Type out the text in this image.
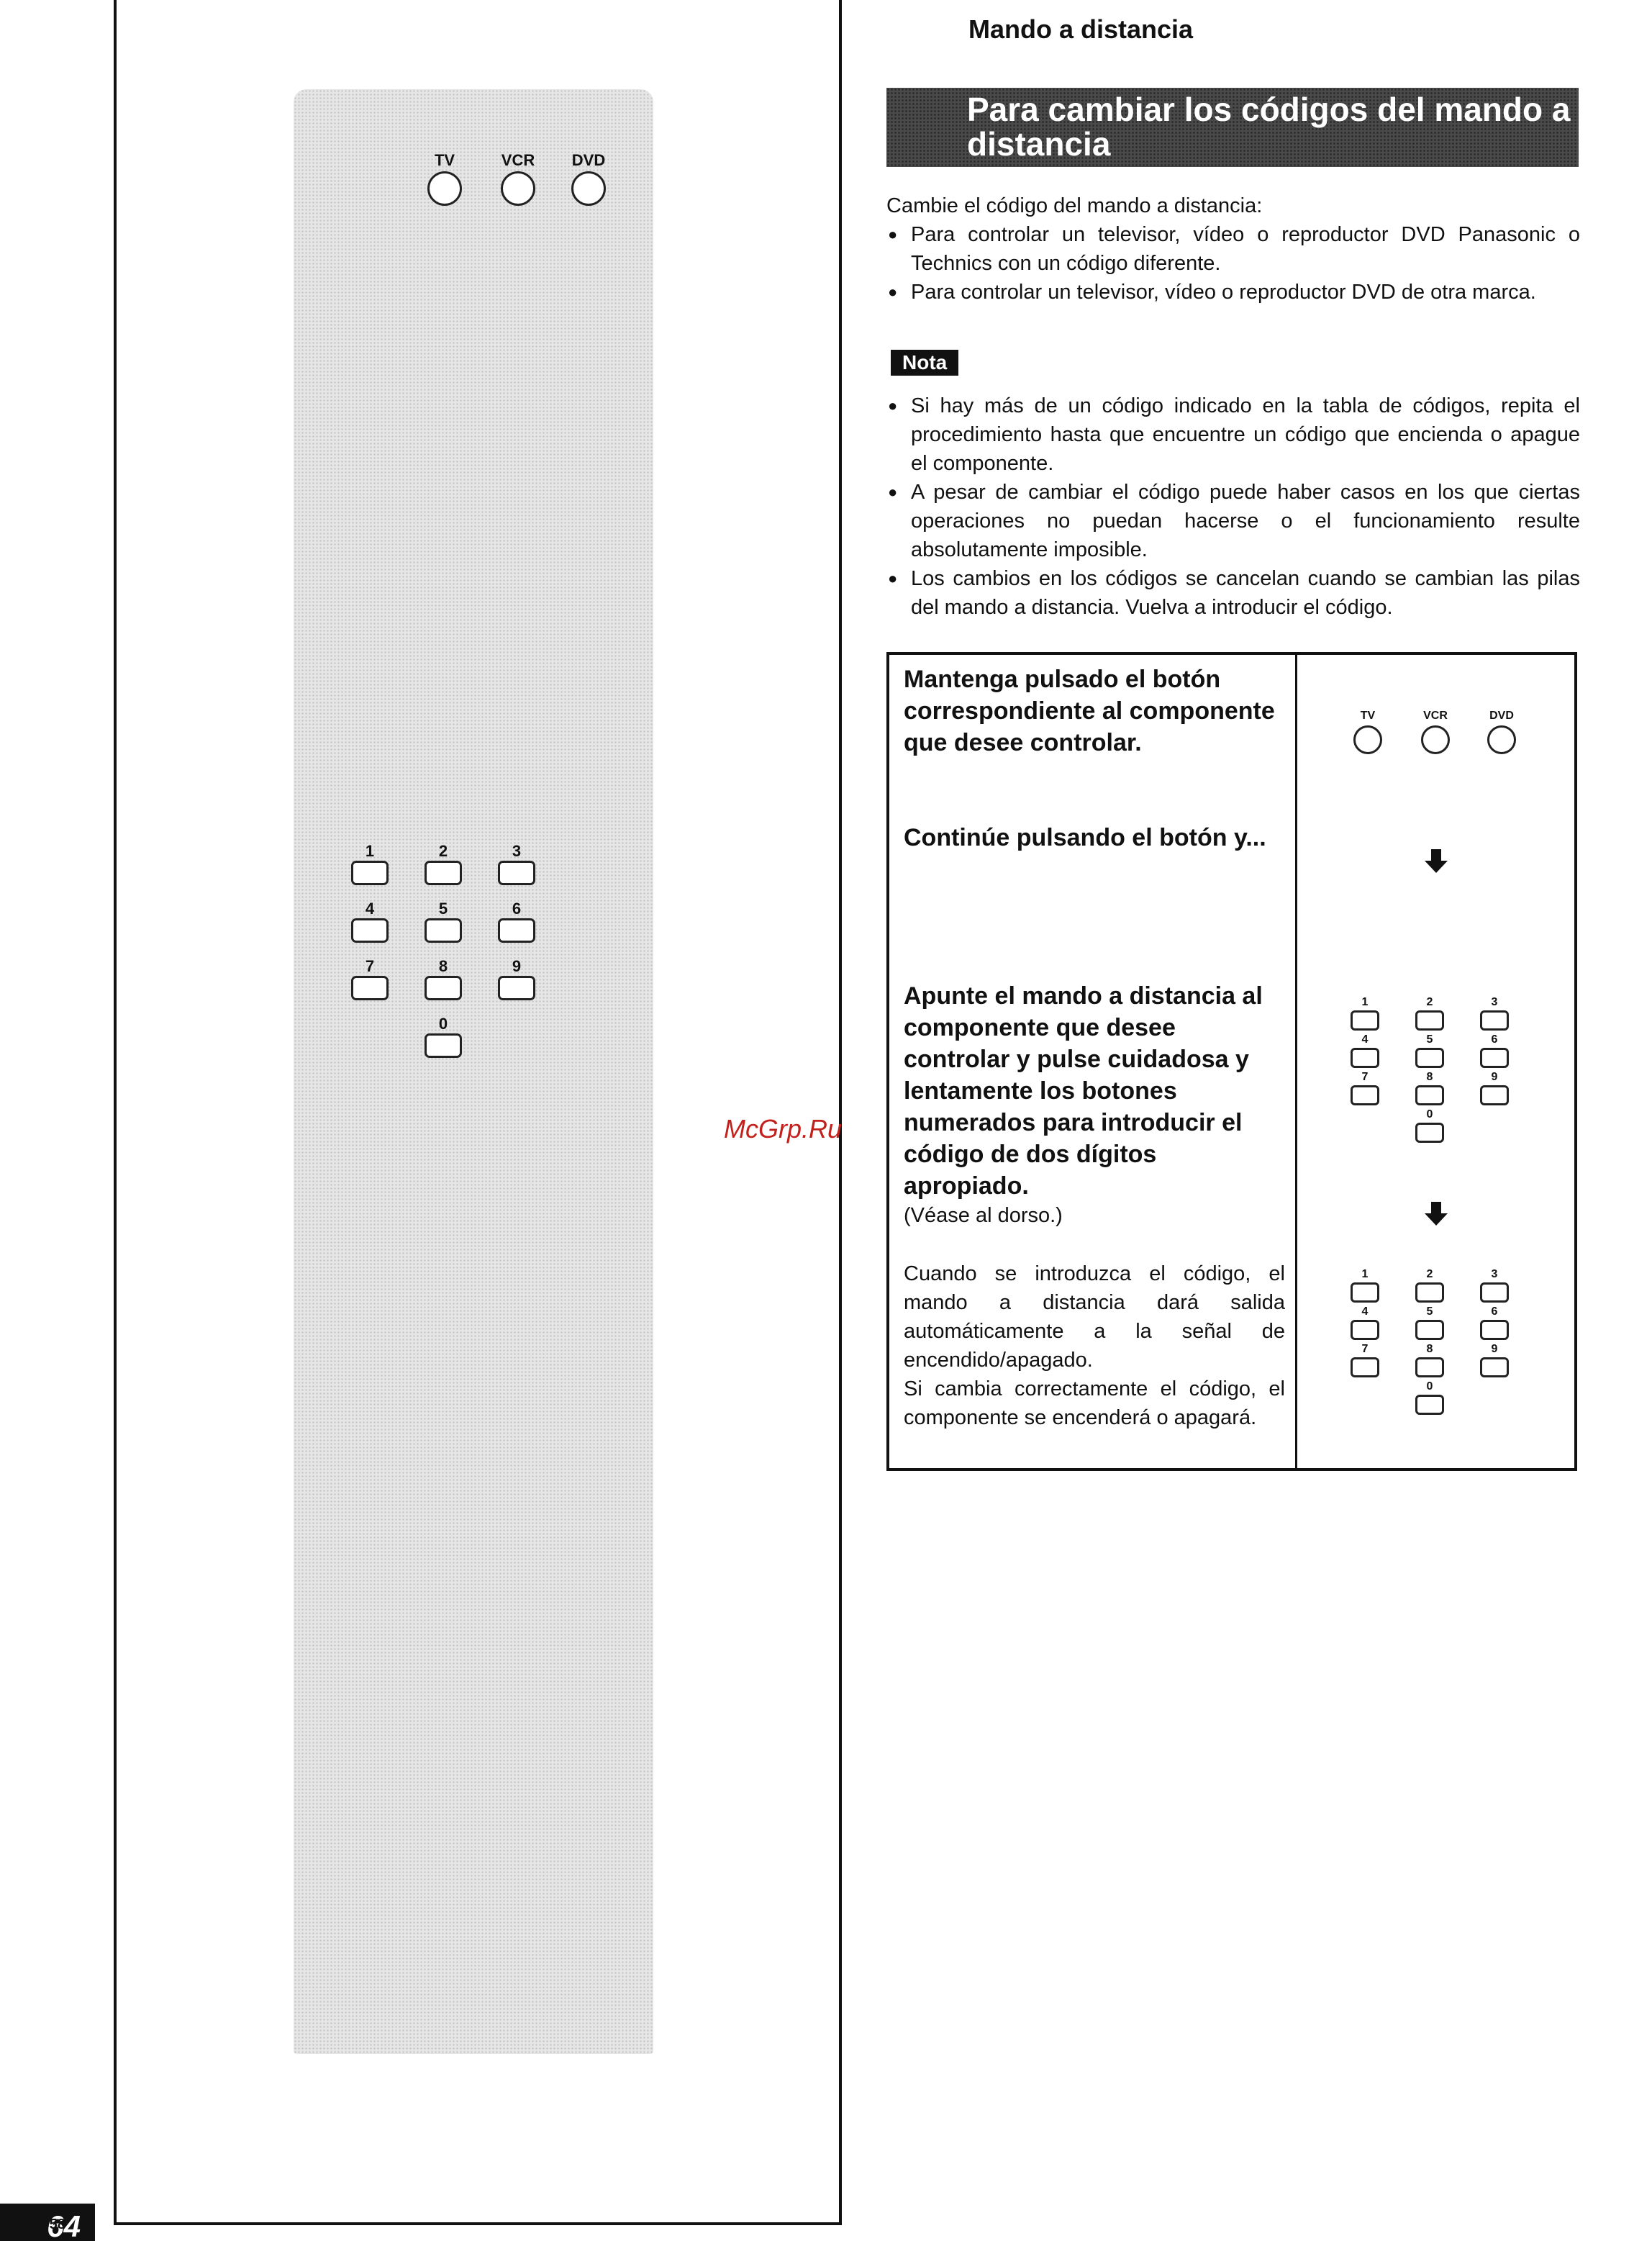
TV	VCR	DVD
1	2	3
4	5	6
7	8	9
0
64
RQT5858
Mando a distancia
Para cambiar los códigos del mando a distancia

Cambie el código del mando a distancia:

● Para controlar un televisor, vídeo o reproductor DVD Panasonic o Technics con un código diferente.
● Para controlar un televisor, vídeo o reproductor DVD de otra marca.
Nota
● Si hay más de un código indicado en la tabla de códigos, repita el procedimiento hasta que encuentre un código que encienda o apague el componente.
● A pesar de cambiar el código puede haber casos en los que ciertas operaciones no puedan hacerse o el funcionamiento resulte absolutamente imposible.
● Los cambios en los códigos se cancelan cuando se cambian las pilas del mando a distancia. Vuelva a introducir el código.
Mantenga pulsado el botón correspondiente al componente que desee controlar.
Continúe pulsando el botón y...
Apunte el mando a distancia al componente que desee controlar y pulse cuidadosa y lentamente los botones numerados para introducir el código de dos dígitos apropiado.
(Véase al dorso.)
Cuando se introduzca el código, el mando a distancia dará salida automáticamente a la señal de encendido/apagado.
Si cambia correctamente el código, el componente se encenderá o apagará.
TV	VCR	DVD
1	2	3
4	5	6
7	8	9
0
1	2	3
4	5	6
7	8	9
0
McGrp.Ru
